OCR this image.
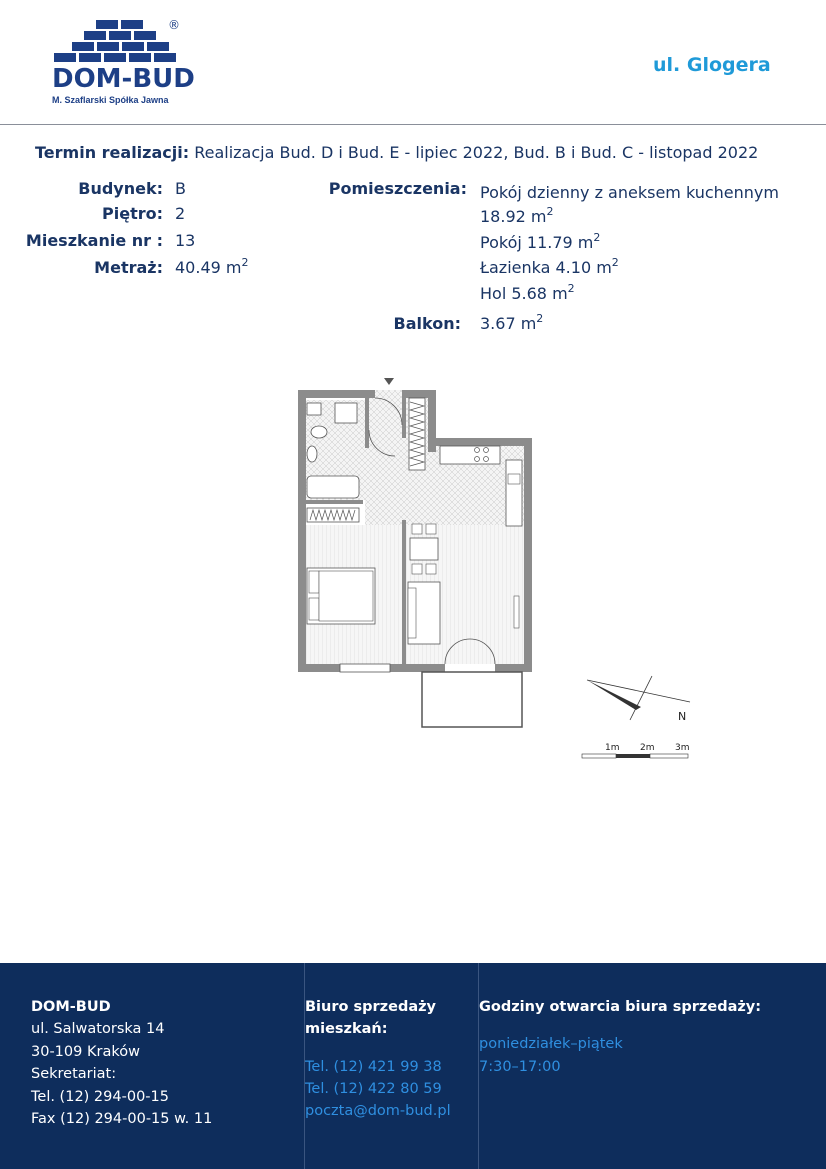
®
DOM-BUD
M. Szaflarski Spółka Jawna
ul. Glogera
Termin realizacji: Realizacja Bud. D i Bud. E - lipiec 2022, Bud. B i Bud. C - listopad 2022
Budynek: B
Piętro: 2
Mieszkanie nr : 13
Metraż: 40.49 $m^2$
Pomieszczenia: Pokój dzienny z aneksem kuchennym
18.92 $m^2$
Pokój 11.79 $m^2$
Łazienka 4.10 $m^2$
Hol 5.68 $m^2$
Balkon: 3.67 $m^2$
N
1m 2m 3m
DOM-BUD
ul. Salwatorska 14
30-109 Kraków
Sekretariat:
Tel. (12) 294-00-15
Fax (12) 294-00-15 w. 11
Biuro sprzedaży
mieszkań:
Tel. (12) 421 99 38
Tel. (12) 422 80 59
poczta@dom-bud.pl
Godziny otwarcia biura sprzedaży:
poniedziałek–piątek
7:30–17:00
